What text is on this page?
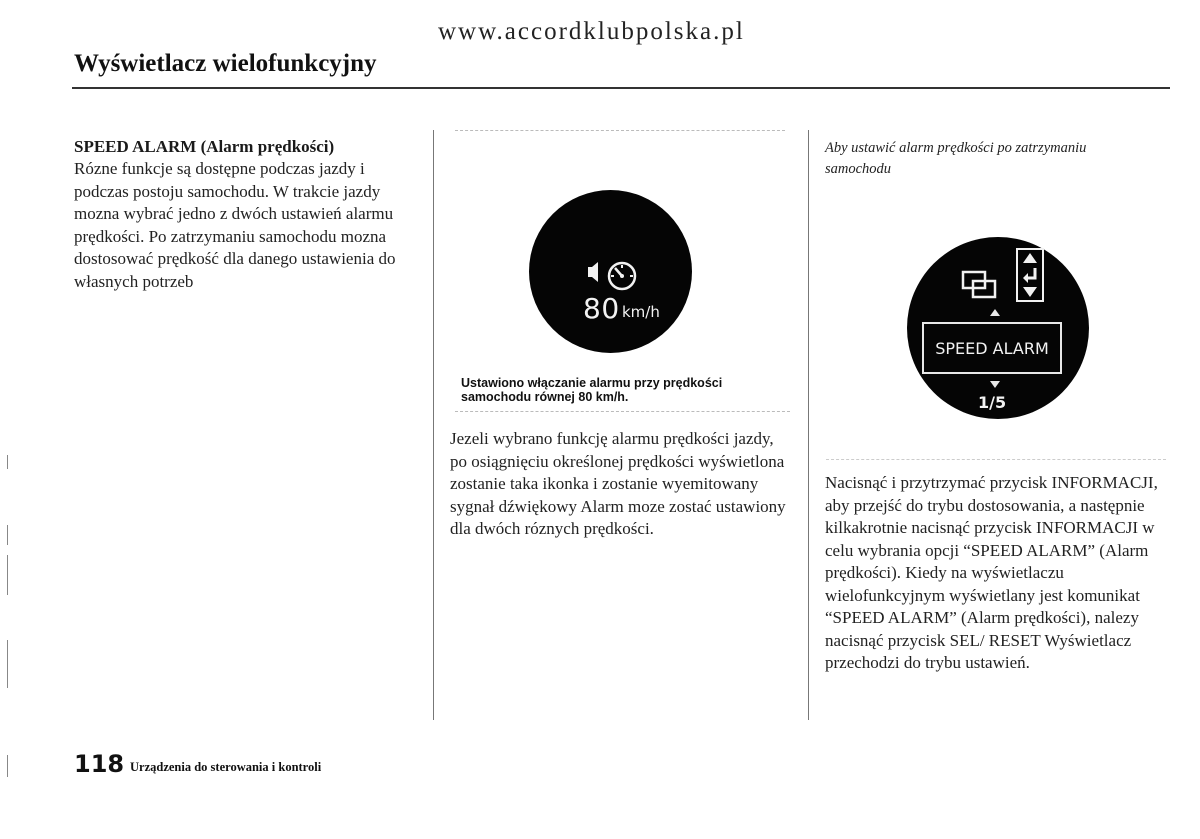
www.accordklubpolska.pl
Wyświetlacz wielofunkcyjny

SPEED ALARM (Alarm prędkości)

Rózne funkcje są dostępne podczas jazdy i podczas postoju samochodu. W trakcie jazdy mozna wybrać jedno z dwóch ustawień alarmu prędkości. Po zatrzymaniu samochodu mozna dostosować prędkość dla danego ustawienia do własnych potrzeb

80 km/h
Ustawiono włączanie alarmu przy prędkości samochodu równej 80 km/h.

Jezeli wybrano funkcję alarmu prędkości jazdy, po osiągnięciu określonej prędkości wyświetlona zostanie taka ikonka i zostanie wyemitowany sygnał dźwiękowy Alarm moze zostać ustawiony dla dwóch róznych prędkości.

Aby ustawić alarm prędkości po zatrzymaniu samochodu
SPEED ALARM
1/5

Nacisnąć i przytrzymać przycisk INFORMACJI, aby przejść do trybu dostosowania, a następnie kilkakrotnie nacisnąć przycisk INFORMACJI w celu wybrania opcji “SPEED ALARM” (Alarm prędkości). Kiedy na wyświetlaczu wielofunkcyjnym wyświetlany jest komunikat “SPEED ALARM” (Alarm prędkości), nalezy nacisnąć przycisk SEL/ RESET Wyświetlacz przechodzi do trybu ustawień.

118 Urządzenia do sterowania i kontroli
